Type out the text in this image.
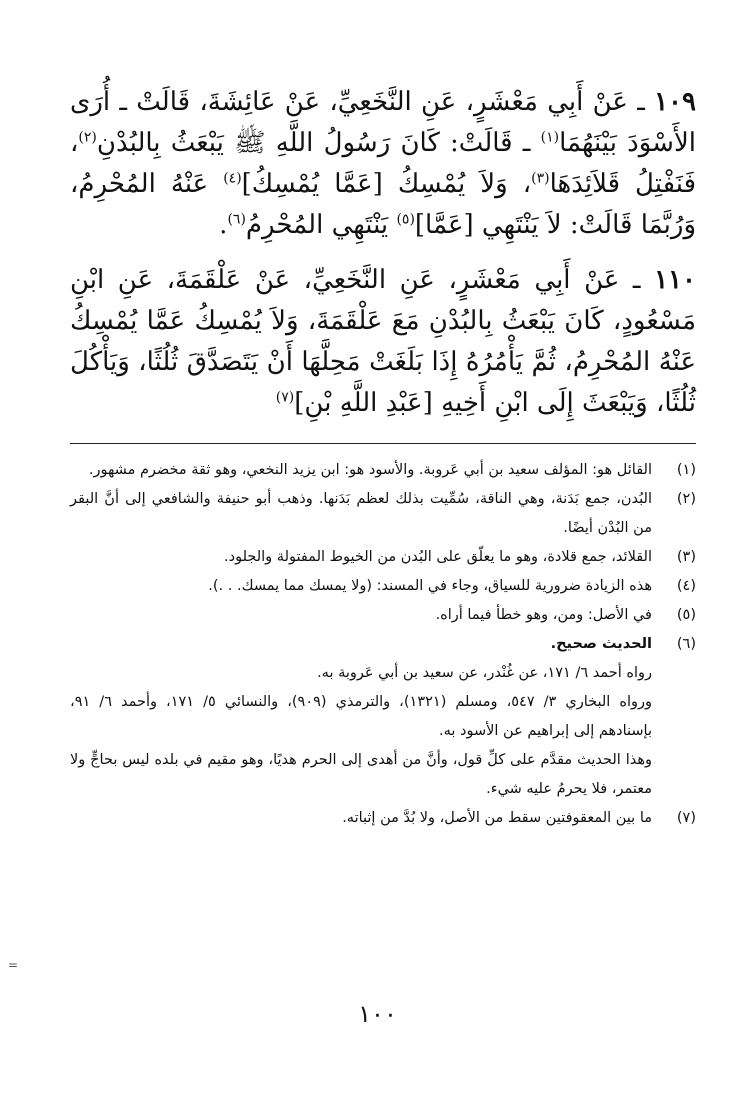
١٠٩ ـ عَنْ أَبِي مَعْشَرٍ، عَنِ النَّخَعِيِّ، عَنْ عَائِشَةَ، قَالَتْ ـ أُرَى الأَسْوَدَ بَيْنَهُمَا$^{(١)}$ ـ قَالَتْ: كَانَ رَسُولُ اللَّهِ ﷺ يَبْعَثُ بِالبُدْنِ$^{(٢)}$، فَنَفْتِلُ قَلاَئِدَهَا$^{(٣)}$، وَلاَ يُمْسِكُ [عَمَّا يُمْسِكُ]$^{(٤)}$ عَنْهُ المُحْرِمُ، وَرُبَّمَا قَالَتْ: لاَ يَنْتَهِي [عَمَّا]$^{(٥)}$ يَنْتَهِي المُحْرِمُ$^{(٦)}$.

١١٠ ـ عَنْ أَبِي مَعْشَرٍ، عَنِ النَّخَعِيِّ، عَنْ عَلْقَمَةَ، عَنِ ابْنِ مَسْعُودٍ، كَانَ يَبْعَثُ بِالبُدْنِ مَعَ عَلْقَمَةَ، وَلاَ يُمْسِكُ عَمَّا يُمْسِكُ عَنْهُ المُحْرِمُ، ثُمَّ يَأْمُرُهُ إِذَا بَلَغَتْ مَحِلَّهَا أَنْ يَتَصَدَّقَ ثُلُثًا، وَيَأْكُلَ ثُلُثًا، وَيَبْعَثَ إِلَى ابْنِ أَخِيهِ [عَبْدِ اللَّهِ بْنِ]$^{(٧)}$

(١)
القائل هو: المؤلف سعيد بن أبي عَروبة. والأسود هو: ابن يزيد النخعي، وهو ثقة مخضرم مشهور.
(٢)
البُدن، جمع بَدَنة، وهي الناقة، سُمِّيت بذلك لعظم بَدَنها. وذهب أبو حنيفة والشافعي إلى أنَّ البقر من البُدْن أيضًا.
(٣)
القلائد، جمع قلادة، وهو ما يعلّق على البُدن من الخيوط المفتولة والجلود.
(٤)
هذه الزيادة ضرورية للسياق، وجاء في المسند: (ولا يمسك مما يمسك. . .).
(٥)
في الأصل: ومن، وهو خطأ فيما أراه.
(٦)
الحديث صحيح.
رواه أحمد ٦/ ١٧١، عن غُنْدر، عن سعيد بن أبي عَروبة به.
ورواه البخاري ٣/ ٥٤٧، ومسلم (١٣٢١)، والترمذي (٩٠٩)، والنسائي ٥/ ١٧١، وأحمد ٦/ ٩١، بإسنادهم إلى إبراهيم عن الأسود به.
وهذا الحديث مقدَّم على كلِّ قول، وأنَّ من أهدى إلى الحرم هديًا، وهو مقيم في بلده ليس بحاجٍّ ولا معتمر، فلا يحرمُ عليه شيء.
(٧)
ما بين المعقوفتين سقط من الأصل، ولا بُدَّ من إثباته.
=
١٠٠
